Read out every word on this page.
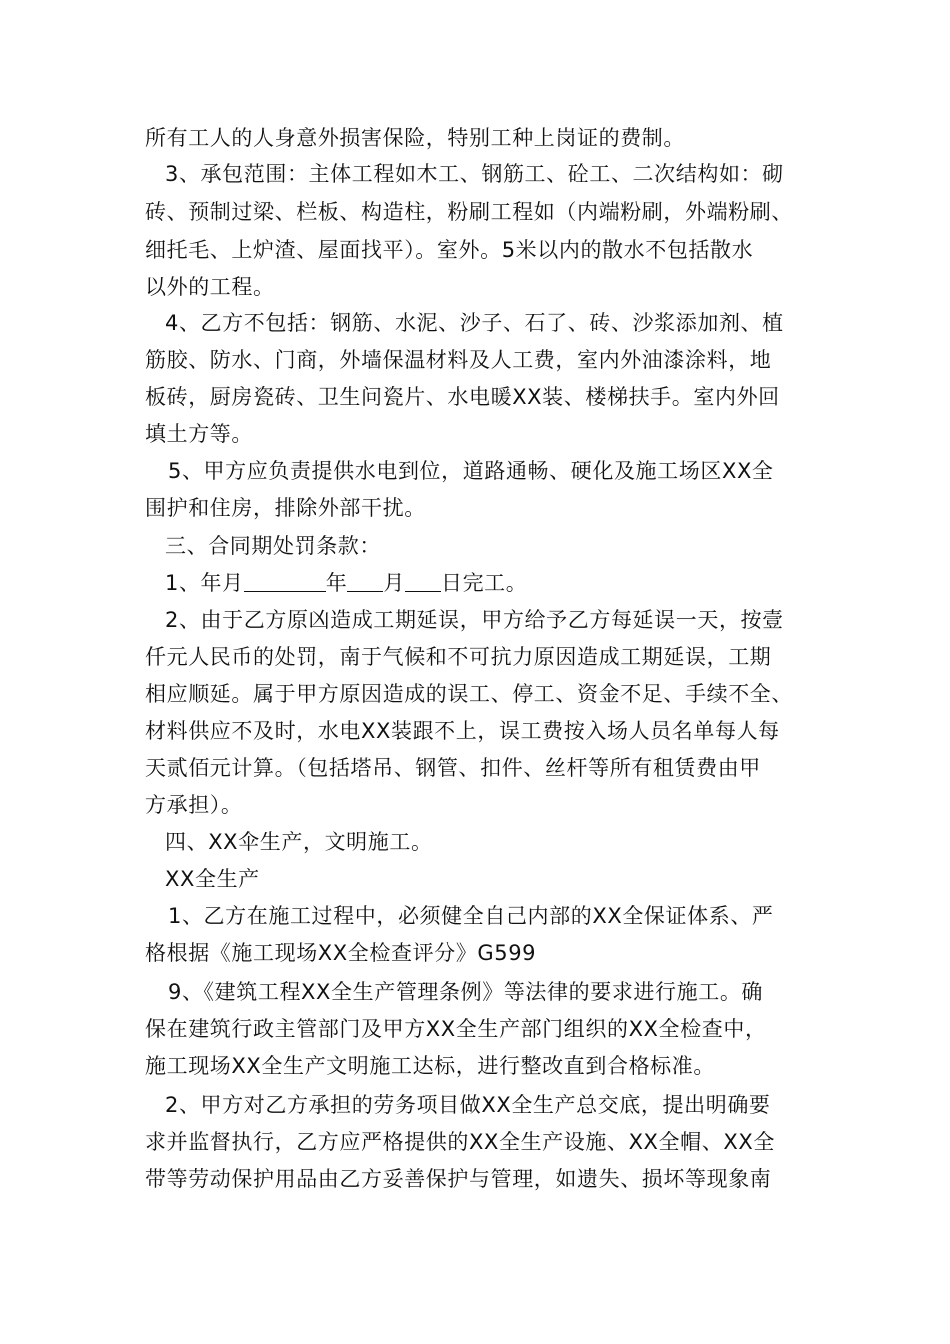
所有工人的人身意外损害保险，特别工种上岗证的费制。
3、承包范围：主体工程如木工、钢筋工、砼工、二次结构如：砌
砖、预制过梁、栏板、构造柱，粉刷工程如（内端粉刷，外端粉刷、
细托毛、上炉渣、屋面找平）。室外。5米以内的散水不包括散水
以外的工程。
4、乙方不包括：钢筋、水泥、沙子、石了、砖、沙浆添加剂、植
筋胶、防水、门商，外墙保温材料及人工费，室内外油漆涂料，地
板砖，厨房瓷砖、卫生问瓷片、水电暖XX装、楼梯扶手。室内外回
填土方等。
5、甲方应负责提供水电到位，道路通畅、硬化及施工场区XX全
围护和住房，排除外部干扰。
三、合同期处罚条款：
1、年月	年 月 日完工。
2、由于乙方原凶造成工期延误，甲方给予乙方每延误一天，按壹
仟元人民币的处罚，南于气候和不可抗力原因造成工期延误，工期
相应顺延。属于甲方原因造成的误工、停工、资金不足、手续不全、
材料供应不及时，水电XX装跟不上，误工费按入场人员名单每人每
天贰佰元计算。（包括塔吊、钢管、扣件、丝杆等所有租赁费由甲
方承担）。
四、XX伞生产，文明施工。
XX全生产
1、乙方在施工过程中，必须健全自己内部的XX全保证体系、严
格根据《施工现场XX全检查评分》G599
9、《建筑工程XX全生产管理条例》等法律的要求进行施工。确
保在建筑行政主管部门及甲方XX全生产部门组织的XX全检查中，
施工现场XX全生产文明施工达标，进行整改直到合格标准。
2、甲方对乙方承担的劳务项目做XX全生产总交底，提出明确要
求并监督执行，乙方应严格提供的XX全生产设施、XX全帽、XX全
带等劳动保护用品由乙方妥善保护与管理，如遗失、损坏等现象南
